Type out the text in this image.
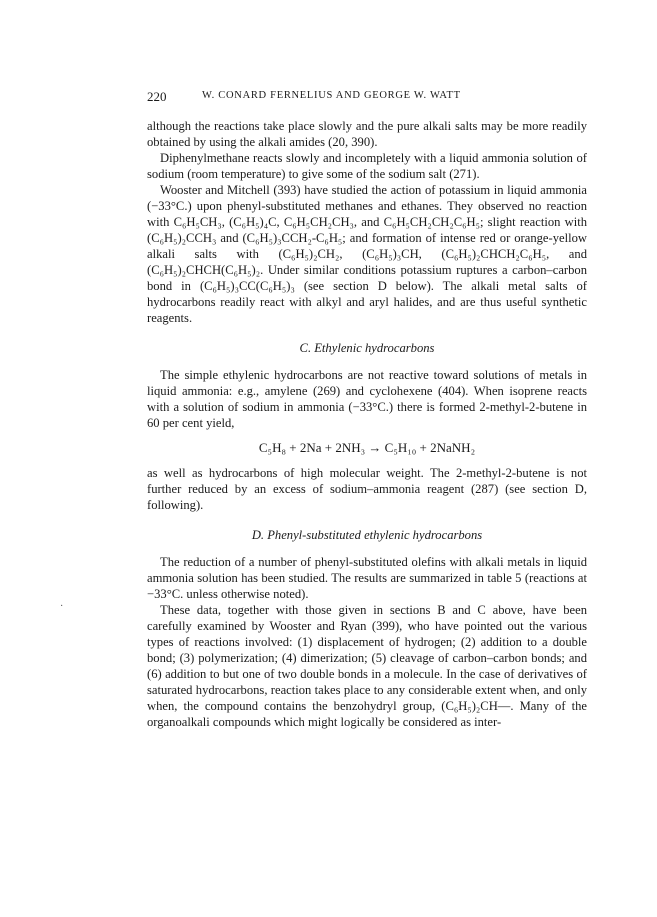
220	W. CONARD FERNELIUS AND GEORGE W. WATT
·

although the reactions take place slowly and the pure alkali salts may be more readily obtained by using the alkali amides (20, 390).

Diphenylmethane reacts slowly and incompletely with a liquid ammonia solution of sodium (room temperature) to give some of the sodium salt (271).

Wooster and Mitchell (393) have studied the action of potassium in liquid ammonia (−33°C.) upon phenyl-substituted methanes and ethanes. They observed no reaction with C₆H₅CH₃, (C₆H₅)₄C, C₆H₅CH₂CH₃, and C₆H₅CH₂CH₂C₆H₅; slight reaction with (C₆H₅)₂CCH₃ and (C₆H₅)₃CCH₂-C₆H₅; and formation of intense red or orange-yellow alkali salts with (C₆H₅)₂CH₂, (C₆H₅)₃CH, (C₆H₅)₂CHCH₂C₆H₅, and (C₆H₅)₂CHCH(C₆H₅)₂. Under similar conditions potassium ruptures a carbon–carbon bond in (C₆H₅)₃CC(C₆H₅)₃ (see section D below). The alkali metal salts of hydrocarbons readily react with alkyl and aryl halides, and are thus useful synthetic reagents.

C. Ethylenic hydrocarbons

The simple ethylenic hydrocarbons are not reactive toward solutions of metals in liquid ammonia: e.g., amylene (269) and cyclohexene (404). When isoprene reacts with a solution of sodium in ammonia (−33°C.) there is formed 2-methyl-2-butene in 60 per cent yield,

C₅H₈ + 2Na + 2NH₃ → C₅H₁₀ + 2NaNH₂

as well as hydrocarbons of high molecular weight. The 2-methyl-2-butene is not further reduced by an excess of sodium–ammonia reagent (287) (see section D, following).

D. Phenyl-substituted ethylenic hydrocarbons

The reduction of a number of phenyl-substituted olefins with alkali metals in liquid ammonia solution has been studied. The results are summarized in table 5 (reactions at −33°C. unless otherwise noted).

These data, together with those given in sections B and C above, have been carefully examined by Wooster and Ryan (399), who have pointed out the various types of reactions involved: (1) displacement of hydrogen; (2) addition to a double bond; (3) polymerization; (4) dimerization; (5) cleavage of carbon–carbon bonds; and (6) addition to but one of two double bonds in a molecule. In the case of derivatives of saturated hydrocarbons, reaction takes place to any considerable extent when, and only when, the compound contains the benzohydryl group, (C₆H₅)₂CH—. Many of the organoalkali compounds which might logically be considered as inter-
